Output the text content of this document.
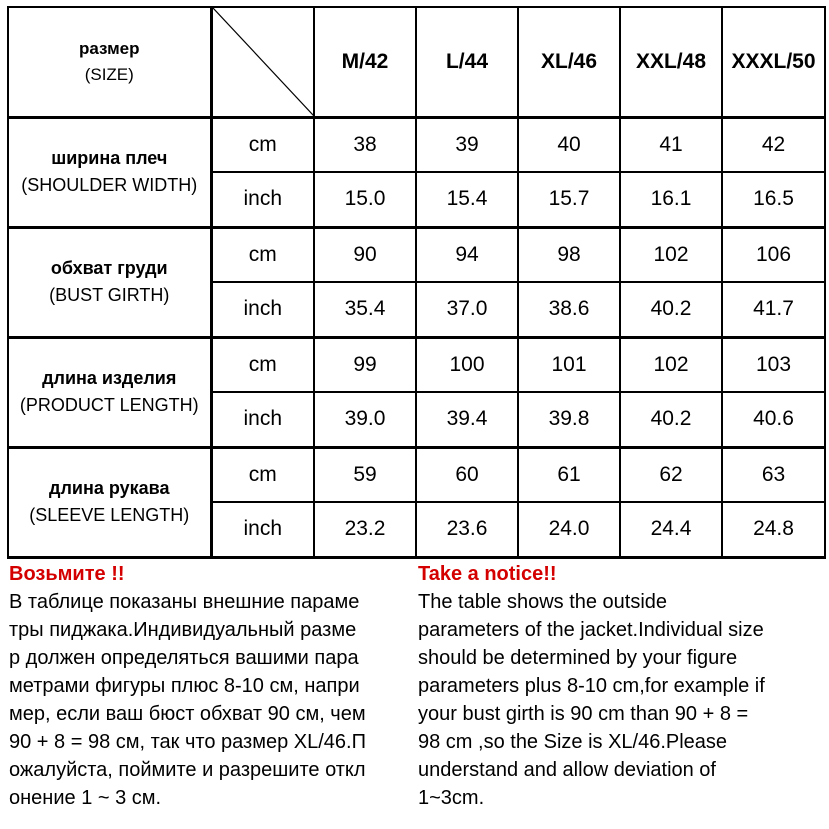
размер
(SIZE)		M/42	L/44	XL/46	XXL/48	XXXL/50

ширина плеч
(SHOULDER WIDTH)	cm	38	39	40	41	42
	inch	15.0	15.4	15.7	16.1	16.5

обхват груди
(BUST GIRTH)	cm	90	94	98	102	106
	inch	35.4	37.0	38.6	40.2	41.7

длина изделия
(PRODUCT LENGTH)	cm	99	100	101	102	103
	inch	39.0	39.4	39.8	40.2	40.6

длина рукава
(SLEEVE LENGTH)	cm	59	60	61	62	63
	inch	23.2	23.6	24.0	24.4	24.8
Возьмите !!
В таблице показаны внешние параме
тры пиджака.Индивидуальный разме
р должен определяться вашими пара
метрами фигуры плюс 8-10 см, напри
мер, если ваш бюст обхват 90 см, чем
90 + 8 = 98 см, так что размер XL/46.П
ожалуйста, поймите и разрешите откл
онение 1 ~ 3 см.
Take a notice!!
The table shows the outside
parameters of the jacket.Individual size
should be determined by your figure
parameters plus 8-10 cm,for example if
your bust girth is 90 cm than 90 + 8 =
98 cm ,so the Size is XL/46.Please
understand and allow deviation of
1~3cm.
